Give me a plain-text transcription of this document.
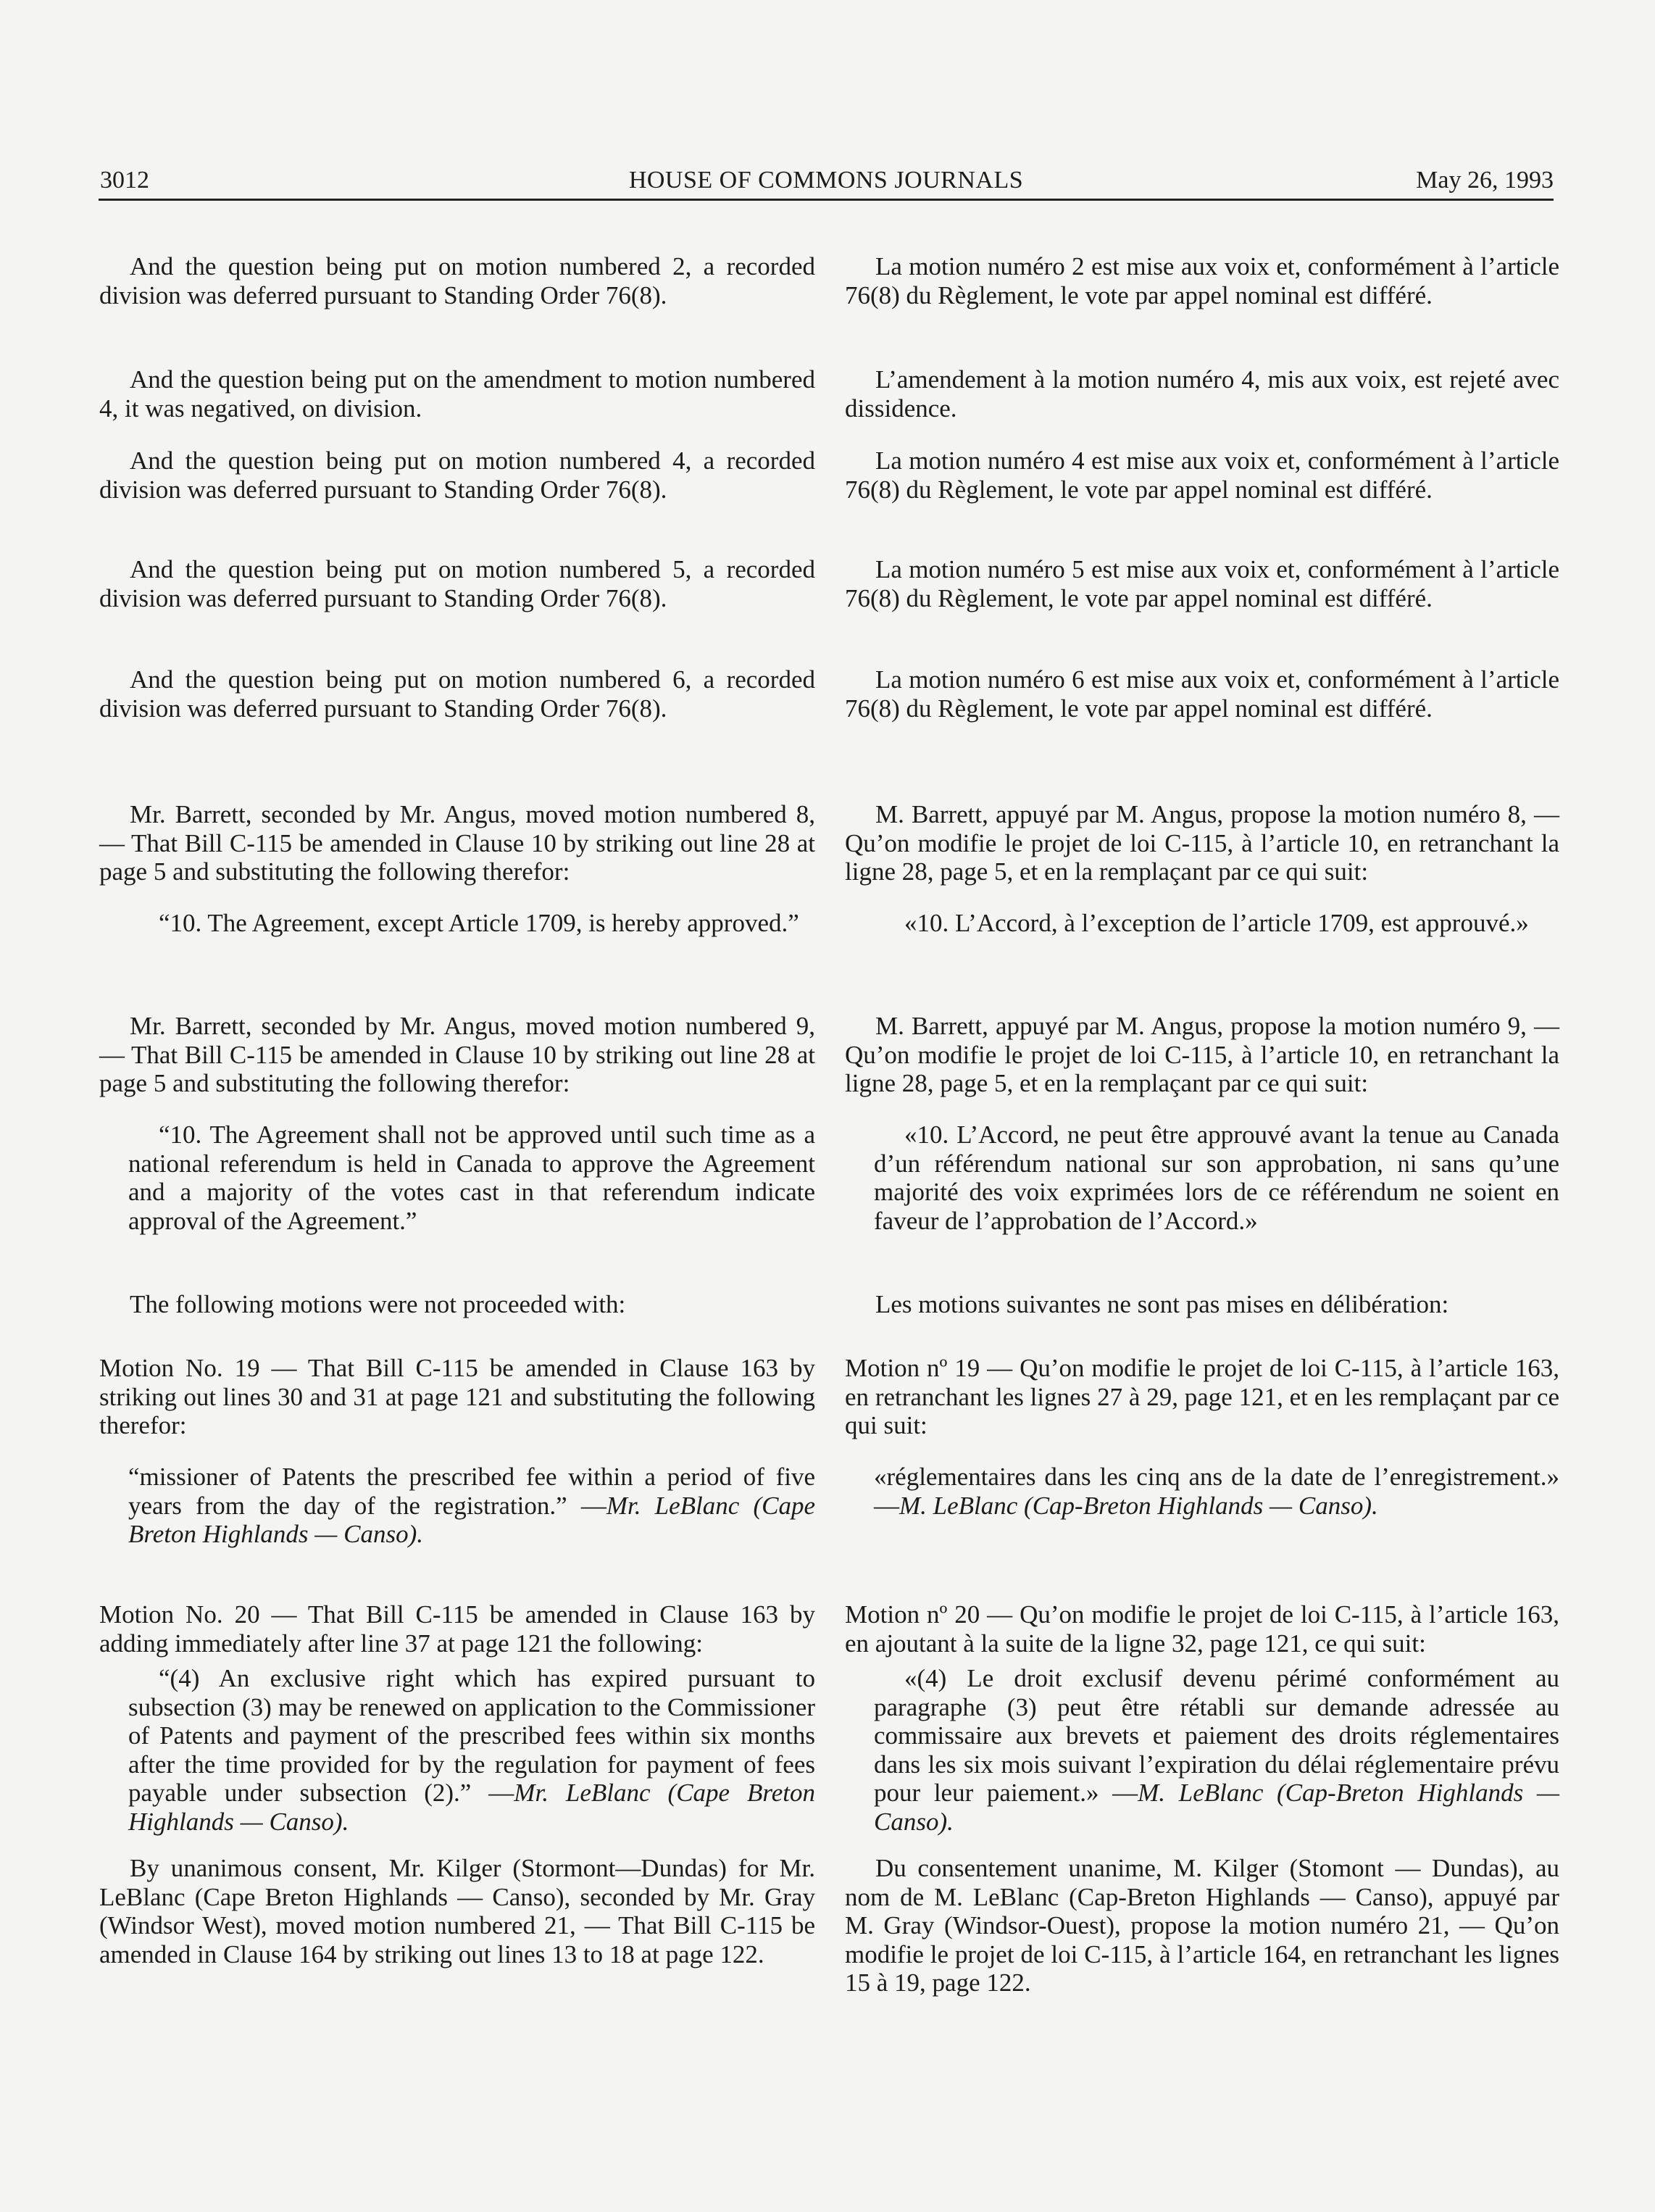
HOUSE OF COMMONS JOURNALS
3012	May 26, 1993

And the question being put on motion numbered 2, a recorded division was deferred pursuant to Standing Order 76(8).

And the question being put on the amendment to motion numbered 4, it was negatived, on division.

And the question being put on motion numbered 4, a recorded division was deferred pursuant to Standing Order 76(8).

And the question being put on motion numbered 5, a recorded division was deferred pursuant to Standing Order 76(8).

And the question being put on motion numbered 6, a recorded division was deferred pursuant to Standing Order 76(8).

Mr. Barrett, seconded by Mr. Angus, moved motion numbered 8, — That Bill C-115 be amended in Clause 10 by striking out line 28 at page 5 and substituting the following therefor:

“10. The Agreement, except Article 1709, is hereby approved.”

Mr. Barrett, seconded by Mr. Angus, moved motion numbered 9, — That Bill C-115 be amended in Clause 10 by striking out line 28 at page 5 and substituting the following therefor:

“10. The Agreement shall not be approved until such time as a national referendum is held in Canada to approve the Agreement and a majority of the votes cast in that referendum indicate approval of the Agreement.”

The following motions were not proceeded with:

Motion No. 19 — That Bill C-115 be amended in Clause 163 by striking out lines 30 and 31 at page 121 and substituting the following therefor:

“missioner of Patents the prescribed fee within a period of five years from the day of the registration.” —Mr. LeBlanc (Cape Breton Highlands — Canso).

Motion No. 20 — That Bill C-115 be amended in Clause 163 by adding immediately after line 37 at page 121 the following:

“(4) An exclusive right which has expired pursuant to subsection (3) may be renewed on application to the Commissioner of Patents and payment of the prescribed fees within six months after the time provided for by the regulation for payment of fees payable under subsection (2).” —Mr. LeBlanc (Cape Breton Highlands — Canso).

By unanimous consent, Mr. Kilger (Stormont—Dundas) for Mr. LeBlanc (Cape Breton Highlands — Canso), seconded by Mr. Gray (Windsor West), moved motion numbered 21, — That Bill C-115 be amended in Clause 164 by striking out lines 13 to 18 at page 122.

La motion numéro 2 est mise aux voix et, conformément à l’article 76(8) du Règlement, le vote par appel nominal est différé.

L’amendement à la motion numéro 4, mis aux voix, est rejeté avec dissidence.

La motion numéro 4 est mise aux voix et, conformément à l’article 76(8) du Règlement, le vote par appel nominal est différé.

La motion numéro 5 est mise aux voix et, conformément à l’article 76(8) du Règlement, le vote par appel nominal est différé.

La motion numéro 6 est mise aux voix et, conformément à l’article 76(8) du Règlement, le vote par appel nominal est différé.

M. Barrett, appuyé par M. Angus, propose la motion numéro 8, — Qu’on modifie le projet de loi C-115, à l’article 10, en retranchant la ligne 28, page 5, et en la remplaçant par ce qui suit:

«10. L’Accord, à l’exception de l’article 1709, est approuvé.»

M. Barrett, appuyé par M. Angus, propose la motion numéro 9, — Qu’on modifie le projet de loi C-115, à l’article 10, en retranchant la ligne 28, page 5, et en la remplaçant par ce qui suit:

«10. L’Accord, ne peut être approuvé avant la tenue au Canada d’un référendum national sur son approbation, ni sans qu’une majorité des voix exprimées lors de ce référendum ne soient en faveur de l’approbation de l’Accord.»

Les motions suivantes ne sont pas mises en délibération:

Motion nº 19 — Qu’on modifie le projet de loi C-115, à l’article 163, en retranchant les lignes 27 à 29, page 121, et en les remplaçant par ce qui suit:

«réglementaires dans les cinq ans de la date de l’enregistrement.» —M. LeBlanc (Cap-Breton Highlands — Canso).

Motion nº 20 — Qu’on modifie le projet de loi C-115, à l’article 163, en ajoutant à la suite de la ligne 32, page 121, ce qui suit:

«(4) Le droit exclusif devenu périmé conformément au paragraphe (3) peut être rétabli sur demande adressée au commissaire aux brevets et paiement des droits réglementaires dans les six mois suivant l’expiration du délai réglementaire prévu pour leur paiement.» —M. LeBlanc (Cap-Breton Highlands — Canso).

Du consentement unanime, M. Kilger (Stomont — Dundas), au nom de M. LeBlanc (Cap-Breton Highlands — Canso), appuyé par M. Gray (Windsor-Ouest), propose la motion numéro 21, — Qu’on modifie le projet de loi C-115, à l’article 164, en retranchant les lignes 15 à 19, page 122.
